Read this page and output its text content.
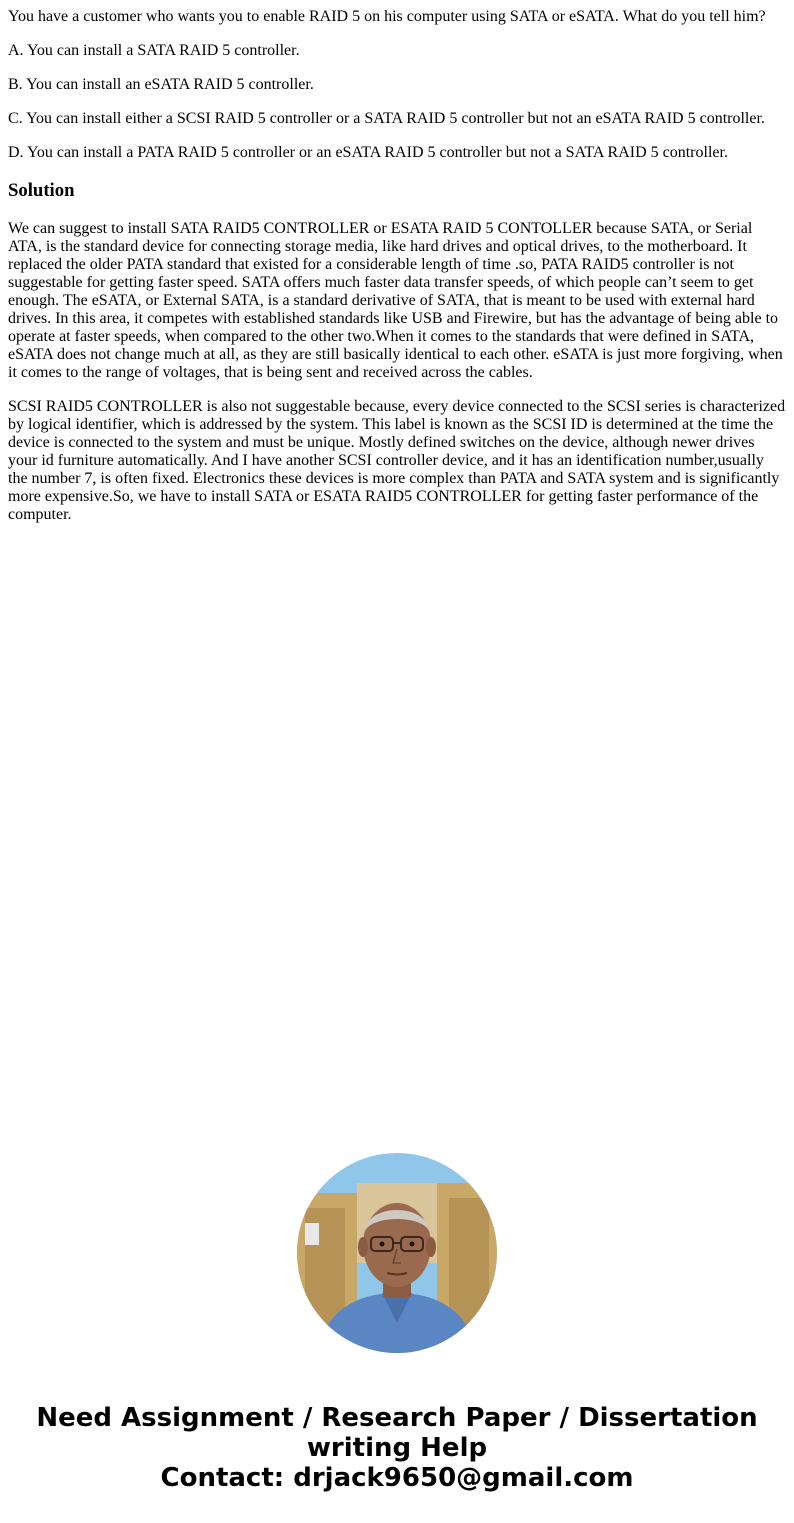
You have a customer who wants you to enable RAID 5 on his computer using SATA or eSATA. What do you tell him?

A. You can install a SATA RAID 5 controller.

B. You can install an eSATA RAID 5 controller.

C. You can install either a SCSI RAID 5 controller or a SATA RAID 5 controller but not an eSATA RAID 5 controller.

D. You can install a PATA RAID 5 controller or an eSATA RAID 5 controller but not a SATA RAID 5 controller.

Solution

We can suggest to install SATA RAID5 CONTROLLER or ESATA RAID 5 CONTOLLER because SATA, or Serial ATA, is the standard device for connecting storage media, like hard drives and optical drives, to the motherboard. It replaced the older PATA standard that existed for a considerable length of time .so, PATA RAID5 controller is not suggestable for getting faster speed. SATA offers much faster data transfer speeds, of which people can’t seem to get enough. The eSATA, or External SATA, is a standard derivative of SATA, that is meant to be used with external hard drives. In this area, it competes with established standards like USB and Firewire, but has the advantage of being able to operate at faster speeds, when compared to the other two.When it comes to the standards that were defined in SATA, eSATA does not change much at all, as they are still basically identical to each other. eSATA is just more forgiving, when it comes to the range of voltages, that is being sent and received across the cables.

SCSI RAID5 CONTROLLER is also not suggestable because, every device connected to the SCSI series is characterized by logical identifier, which is addressed by the system. This label is known as the SCSI ID is determined at the time the device is connected to the system and must be unique. Mostly defined switches on the device, although newer drives your id furniture automatically. And I have another SCSI controller device, and it has an identification number,usually the number 7, is often fixed. Electronics these devices is more complex than PATA and SATA system and is significantly more expensive.So, we have to install SATA or ESATA RAID5 CONTROLLER for getting faster performance of the computer.

Need Assignment / Research Paper / Dissertation
writing Help
Contact: drjack9650@gmail.com
